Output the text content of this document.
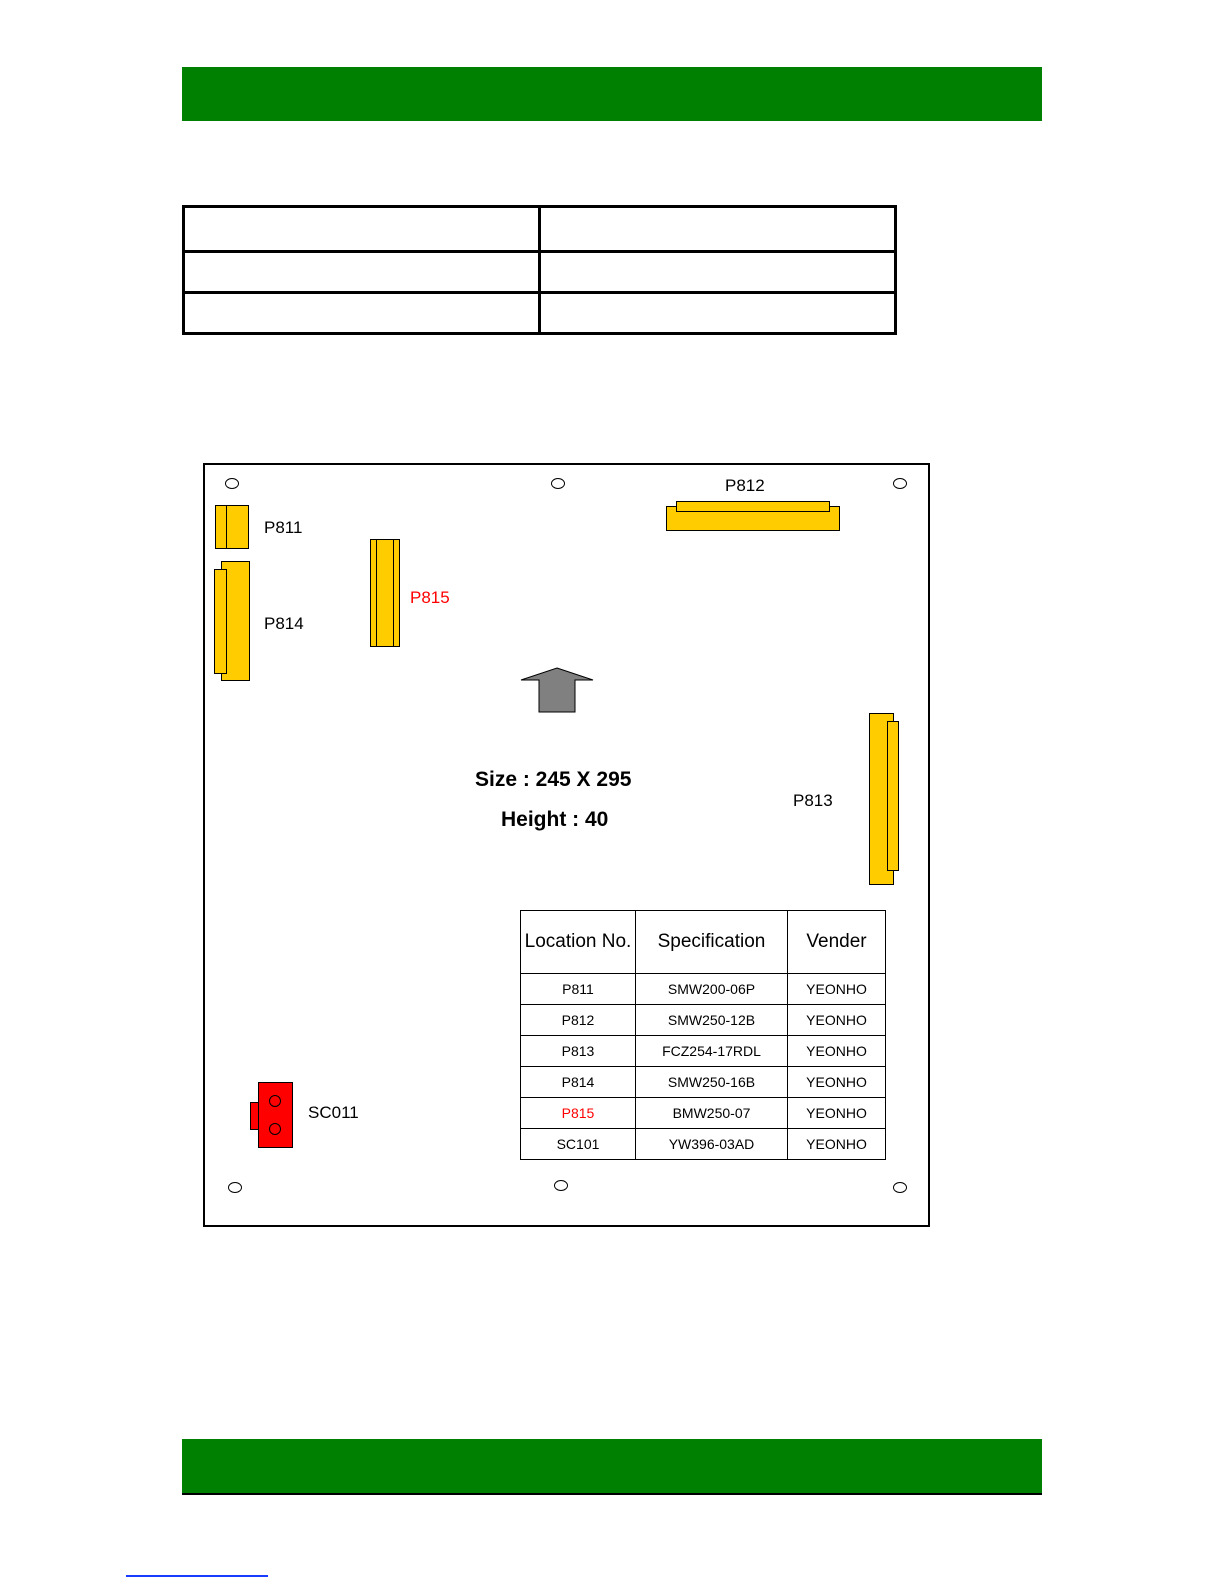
P811
P814
P815
P812
Size : 245 X 295
Height : 40
P813
SC011
Location No.	Specification	Vender
P811	SMW200-06P	YEONHO
P812	SMW250-12B	YEONHO
P813	FCZ254-17RDL	YEONHO
P814	SMW250-16B	YEONHO
P815	BMW250-07	YEONHO
SC101	YW396-03AD	YEONHO
